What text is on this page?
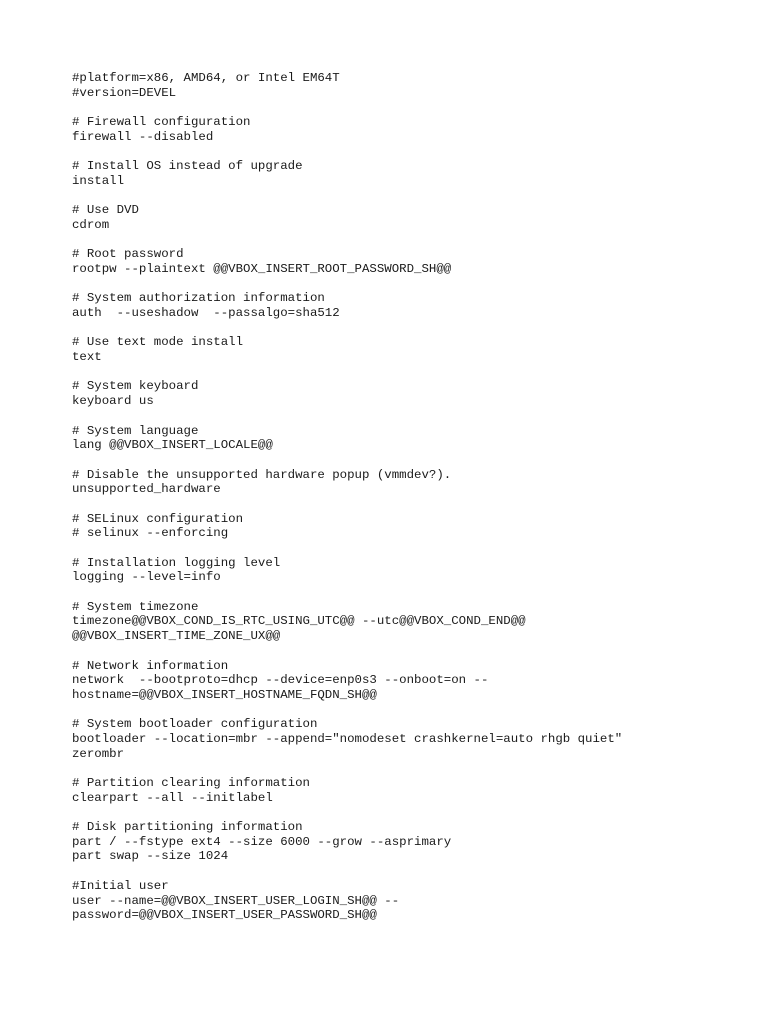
#platform=x86, AMD64, or Intel EM64T
#version=DEVEL
# Firewall configuration
firewall --disabled
# Install OS instead of upgrade
install
# Use DVD
cdrom
# Root password
rootpw --plaintext @@VBOX_INSERT_ROOT_PASSWORD_SH@@
# System authorization information
auth  --useshadow  --passalgo=sha512
# Use text mode install
text
# System keyboard
keyboard us
# System language
lang @@VBOX_INSERT_LOCALE@@
# Disable the unsupported hardware popup (vmmdev?).
unsupported_hardware
# SELinux configuration
# selinux --enforcing
# Installation logging level
logging --level=info
# System timezone
timezone@@VBOX_COND_IS_RTC_USING_UTC@@ --utc@@VBOX_COND_END@@
@@VBOX_INSERT_TIME_ZONE_UX@@
# Network information
network  --bootproto=dhcp --device=enp0s3 --onboot=on --
hostname=@@VBOX_INSERT_HOSTNAME_FQDN_SH@@
# System bootloader configuration
bootloader --location=mbr --append="nomodeset crashkernel=auto rhgb quiet"
zerombr
# Partition clearing information
clearpart --all --initlabel
# Disk partitioning information
part / --fstype ext4 --size 6000 --grow --asprimary
part swap --size 1024
#Initial user
user --name=@@VBOX_INSERT_USER_LOGIN_SH@@ --
password=@@VBOX_INSERT_USER_PASSWORD_SH@@
